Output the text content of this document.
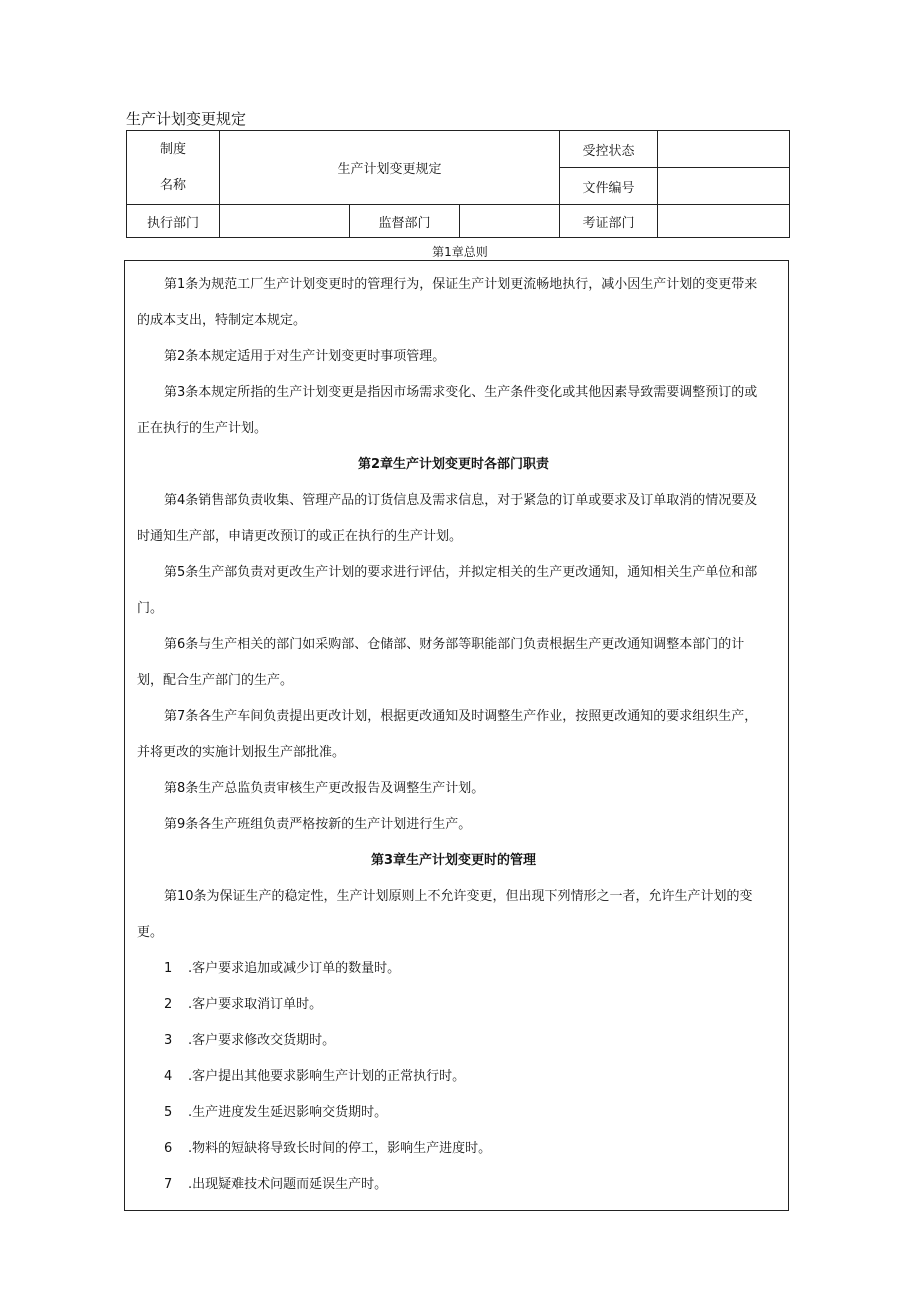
生产计划变更规定
制度
名称	生产计划变更规定			受控状态	
				文件编号	
执行部门		监督部门		考证部门	
第1章总则

第1条为规范工厂生产计划变更时的管理行为，保证生产计划更流畅地执行，减小因生产计划的变更带来的成本支出，特制定本规定。

第2条本规定适用于对生产计划变更时事项管理。

第3条本规定所指的生产计划变更是指因市场需求变化、生产条件变化或其他因素导致需要调整预订的或正在执行的生产计划。

第2章生产计划变更时各部门职责

第4条销售部负责收集、管理产品的订货信息及需求信息，对于紧急的订单或要求及订单取消的情况要及时通知生产部，申请更改预订的或正在执行的生产计划。

第5条生产部负责对更改生产计划的要求进行评估，并拟定相关的生产更改通知，通知相关生产单位和部门。

第6条与生产相关的部门如采购部、仓储部、财务部等职能部门负责根据生产更改通知调整本部门的计划，配合生产部门的生产。

第7条各生产车间负责提出更改计划，根据更改通知及时调整生产作业，按照更改通知的要求组织生产，并将更改的实施计划报生产部批准。

第8条生产总监负责审核生产更改报告及调整生产计划。

第9条各生产班组负责严格按新的生产计划进行生产。

第3章生产计划变更时的管理

第10条为保证生产的稳定性，生产计划原则上不允许变更，但出现下列情形之一者，允许生产计划的变更。

1 .客户要求追加或减少订单的数量时。

2 .客户要求取消订单时。

3 .客户要求修改交货期时。

4 .客户提出其他要求影响生产计划的正常执行时。

5 .生产进度发生延迟影响交货期时。

6 .物料的短缺将导致长时间的停工，影响生产进度时。

7 .出现疑难技术问题而延误生产时。
